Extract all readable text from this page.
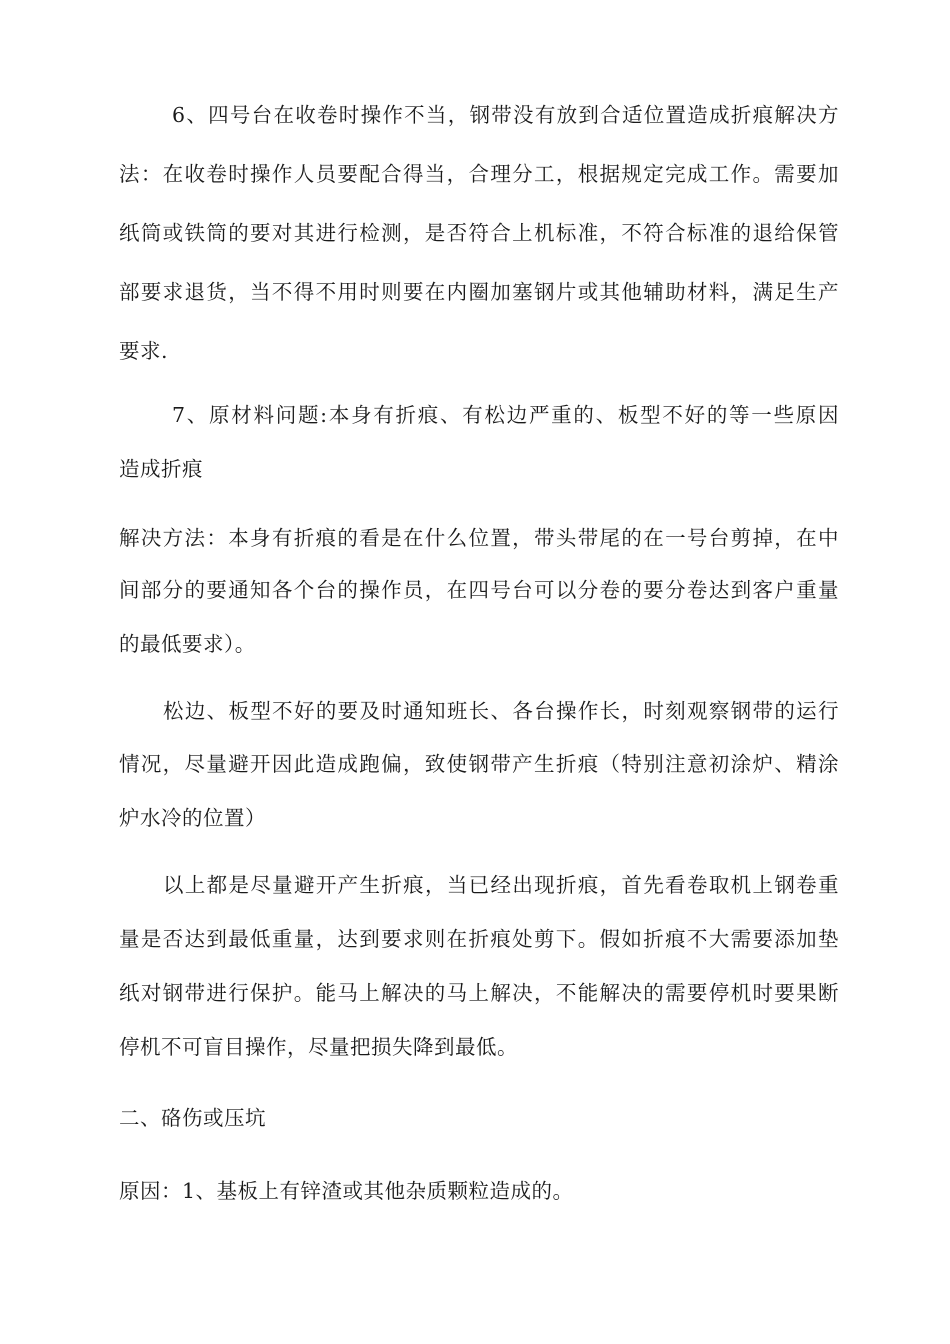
6、四号台在收卷时操作不当，钢带没有放到合适位置造成折痕解决方
法：在收卷时操作人员要配合得当，合理分工，根据规定完成工作。需要加
纸筒或铁筒的要对其进行检测，是否符合上机标准，不符合标准的退给保管
部要求退货，当不得不用时则要在内圈加塞钢片或其他辅助材料，满足生产
要求.
7、原材料问题:本身有折痕、有松边严重的、板型不好的等一些原因
造成折痕
解决方法：本身有折痕的看是在什么位置，带头带尾的在一号台剪掉，在中
间部分的要通知各个台的操作员，在四号台可以分卷的要分卷达到客户重量
的最低要求）。
松边、板型不好的要及时通知班长、各台操作长，时刻观察钢带的运行
情况，尽量避开因此造成跑偏，致使钢带产生折痕（特别注意初涂炉、精涂
炉水冷的位置）
以上都是尽量避开产生折痕，当已经出现折痕，首先看卷取机上钢卷重
量是否达到最低重量，达到要求则在折痕处剪下。假如折痕不大需要添加垫
纸对钢带进行保护。能马上解决的马上解决，不能解决的需要停机时要果断
停机不可盲目操作，尽量把损失降到最低。
二、硌伤或压坑
原因：1、基板上有锌渣或其他杂质颗粒造成的。
